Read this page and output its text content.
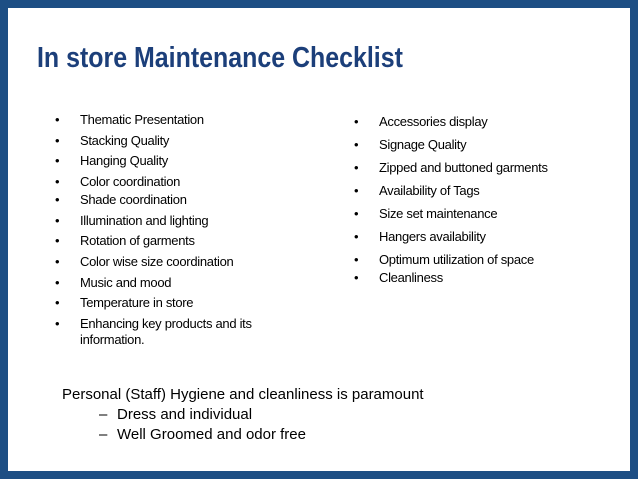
In store Maintenance Checklist
• Thematic Presentation
• Stacking Quality
• Hanging Quality
• Color coordination
• Shade coordination
• Illumination and lighting
• Rotation of garments
• Color wise size coordination
• Music and mood
• Temperature in store
• Enhancing key products and its information.
• Accessories display
• Signage Quality
• Zipped and buttoned garments
• Availability of Tags
• Size set maintenance
• Hangers availability
• Optimum utilization of space
• Cleanliness
Personal (Staff) Hygiene and cleanliness is paramount
– Dress and individual
– Well Groomed and odor free
